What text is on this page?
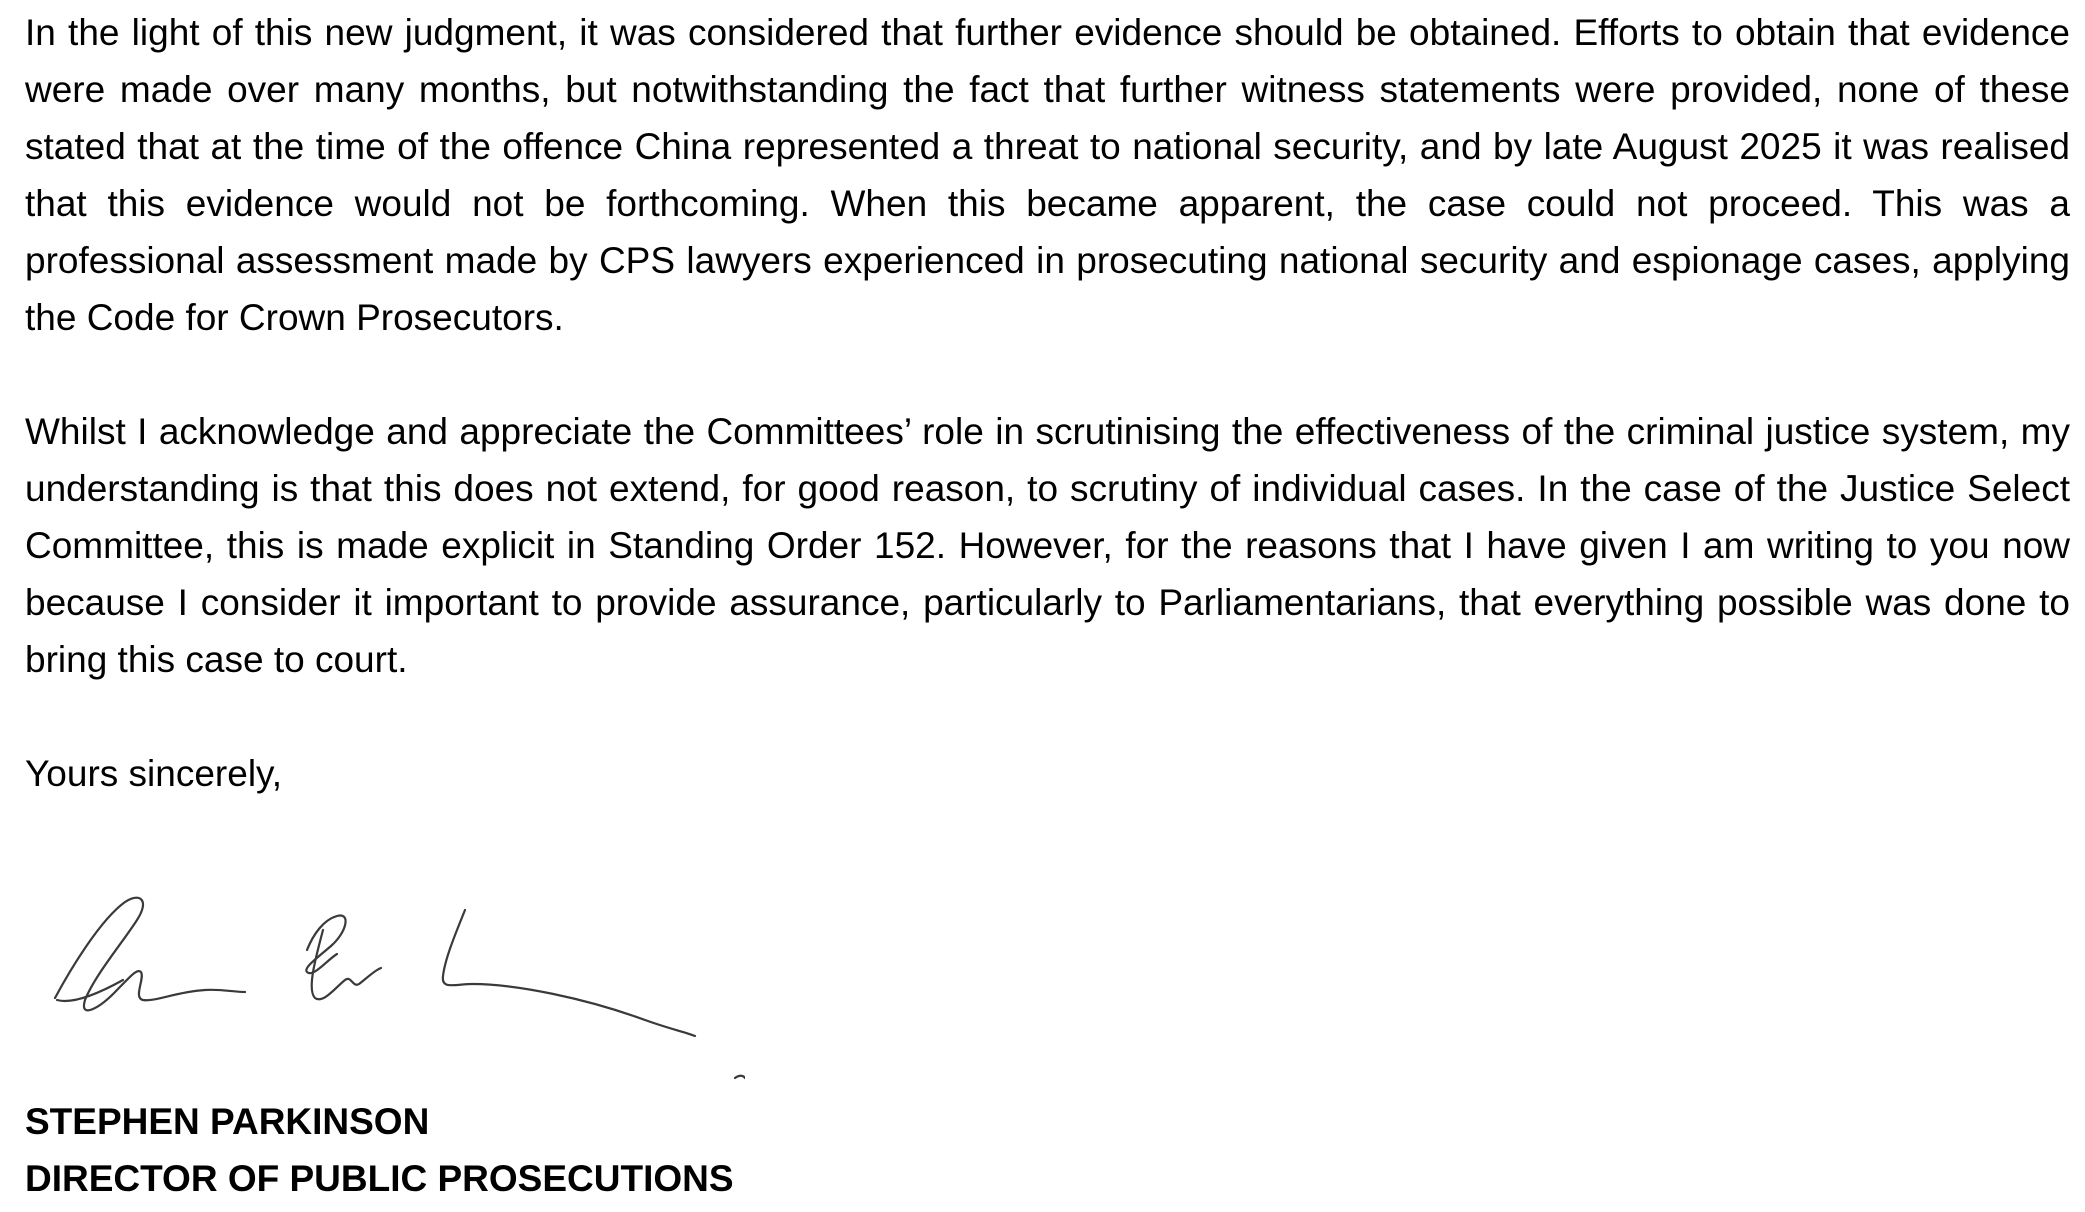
In the light of this new judgment, it was considered that further evidence should be obtained. Efforts to obtain that evidence were made over many months, but notwithstanding the fact that further witness statements were provided, none of these stated that at the time of the offence China represented a threat to national security, and by late August 2025 it was realised that this evidence would not be forthcoming. When this became apparent, the case could not proceed. This was a professional assessment made by CPS lawyers experienced in prosecuting national security and espionage cases, applying the Code for Crown Prosecutors.

Whilst I acknowledge and appreciate the Committees’ role in scrutinising the effectiveness of the criminal justice system, my understanding is that this does not extend, for good reason, to scrutiny of individual cases. In the case of the Justice Select Committee, this is made explicit in Standing Order 152. However, for the reasons that I have given I am writing to you now because I consider it important to provide assurance, particularly to Parliamentarians, that everything possible was done to bring this case to court.

Yours sincerely,

STEPHEN PARKINSON
DIRECTOR OF PUBLIC PROSECUTIONS
